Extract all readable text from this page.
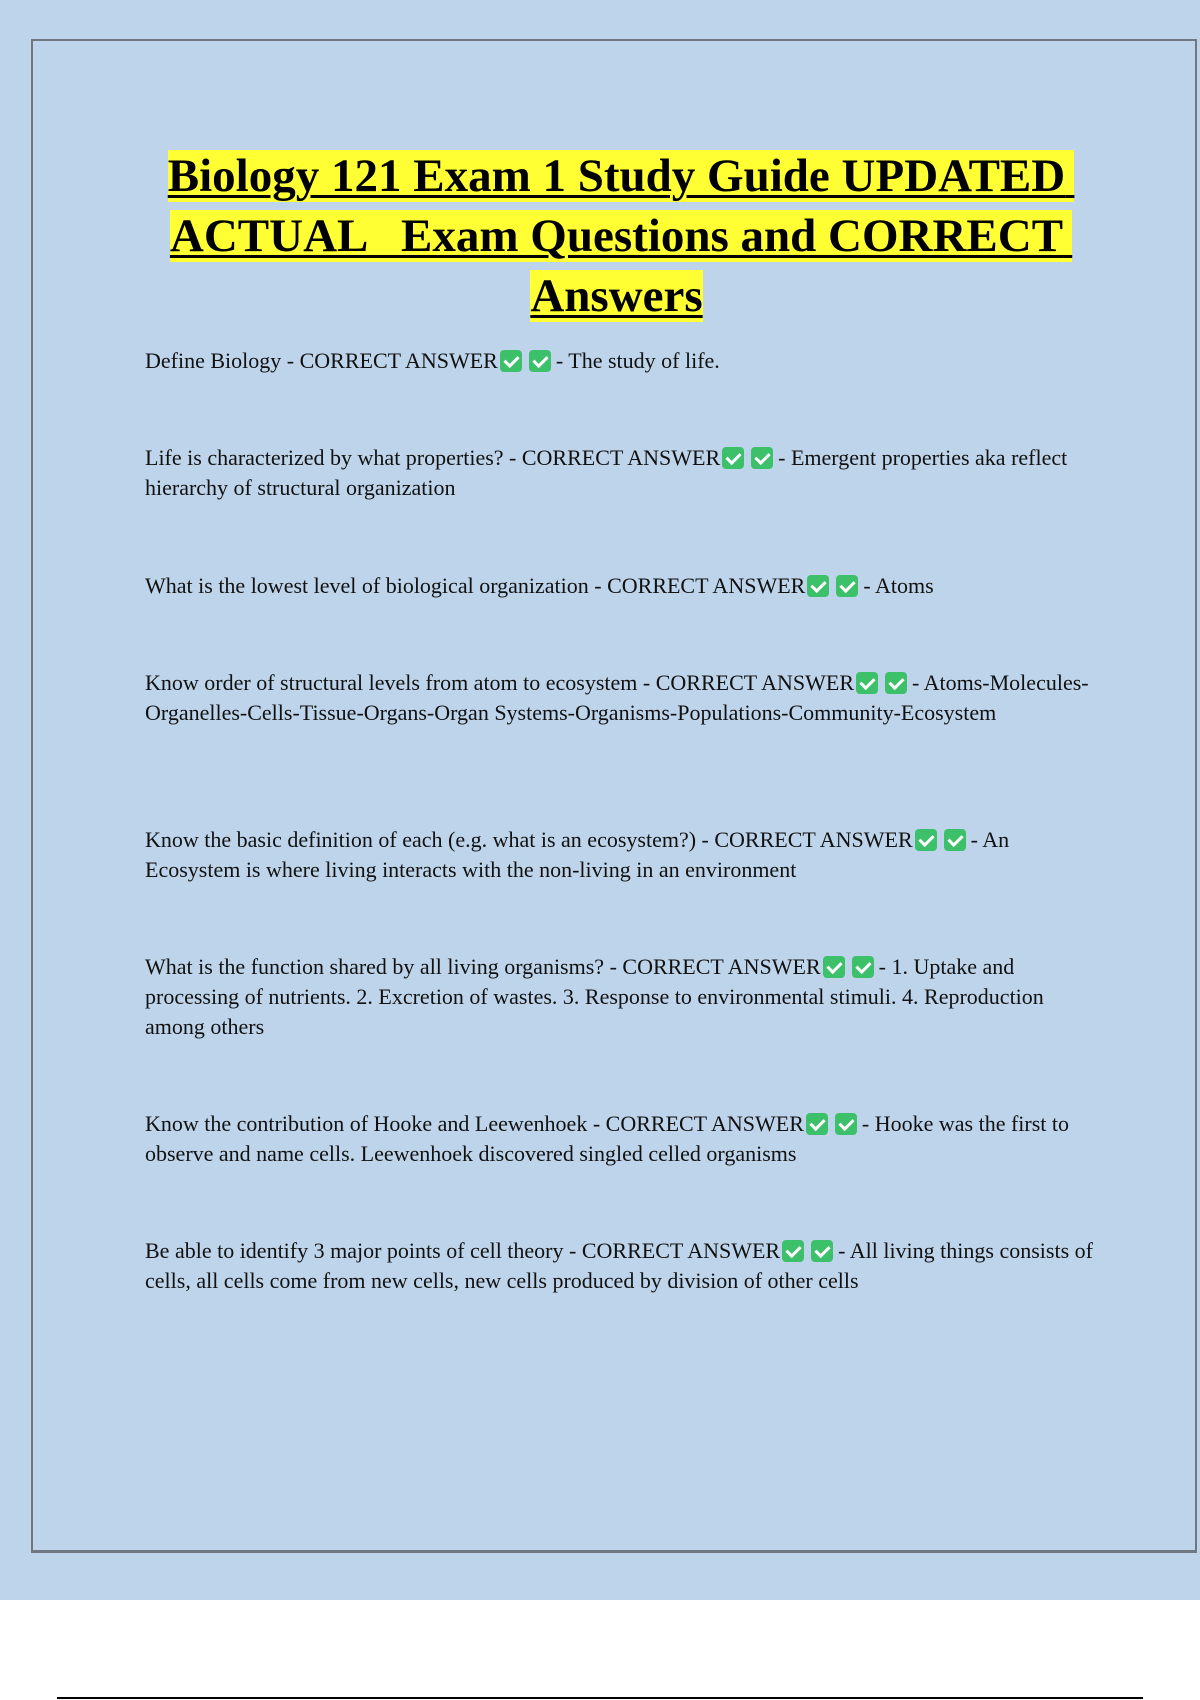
Biology 121 Exam 1 Study Guide UPDATED ACTUAL   Exam Questions and CORRECT Answers

Define Biology - CORRECT ANSWER	- The study of life.

Life is characterized by what properties? - CORRECT ANSWER	- Emergent properties aka reflect hierarchy of structural organization

What is the lowest level of biological organization - CORRECT ANSWER	- Atoms

Know order of structural levels from atom to ecosystem - CORRECT ANSWER	- Atoms-Molecules-Organelles-Cells-Tissue-Organs-Organ Systems-Organisms-Populations-Community-Ecosystem

Know the basic definition of each (e.g. what is an ecosystem?) - CORRECT ANSWER	- An Ecosystem is where living interacts with the non-living in an environment

What is the function shared by all living organisms? - CORRECT ANSWER	- 1. Uptake and processing of nutrients. 2. Excretion of wastes. 3. Response to environmental stimuli. 4. Reproduction among others

Know the contribution of Hooke and Leewenhoek - CORRECT ANSWER	- Hooke was the first to observe and name cells. Leewenhoek discovered singled celled organisms

Be able to identify 3 major points of cell theory - CORRECT ANSWER	- All living things consists of cells, all cells come from new cells, new cells produced by division of other cells
